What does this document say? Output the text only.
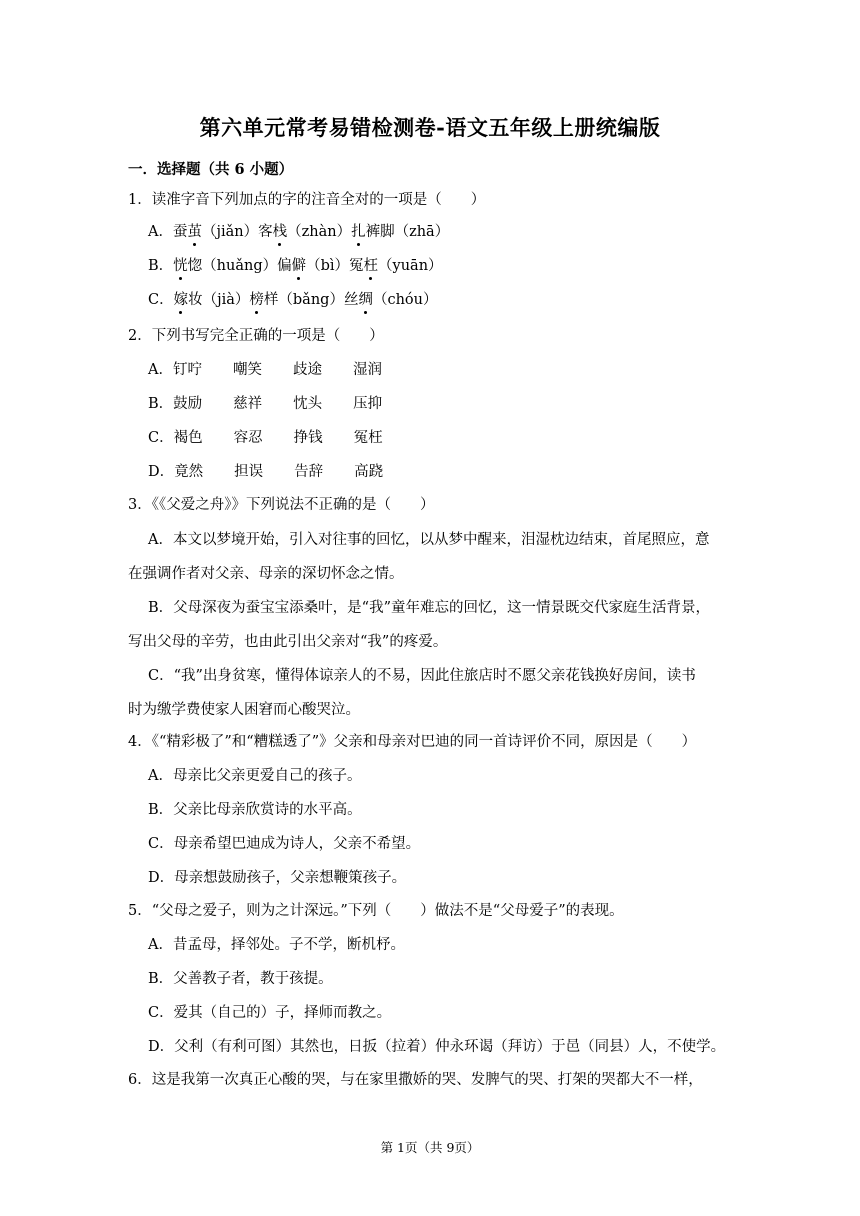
第六单元常考易错检测卷-语文五年级上册统编版
一．选择题（共 6 小题）
1．读准字音下列加点的字的注音全对的一项是（　　）
A．蚕茧（jiǎn）客栈（zhàn）扎裤脚（zhā）
B．恍惚（huǎng）偏僻（bì）冤枉（yuān）
C．嫁妆（jià）榜样（bǎng）丝绸（chóu）
2．下列书写完全正确的一项是（　　）
A．钉咛 嘲笑 歧途 湿润
B．鼓励 慈祥 忱头 压抑
C．褐色 容忍 挣钱 冤枉
D．竟然 担误 告辞 高跷
3．《《父爱之舟》》下列说法不正确的是（　　）
A．本文以梦境开始，引入对往事的回忆，以从梦中醒来，泪湿枕边结束，首尾照应，意
在强调作者对父亲、母亲的深切怀念之情。
B．父母深夜为蚕宝宝添桑叶，是“我”童年难忘的回忆，这一情景既交代家庭生活背景，
写出父母的辛劳，也由此引出父亲对“我”的疼爱。
C．“我”出身贫寒，懂得体谅亲人的不易，因此住旅店时不愿父亲花钱换好房间，读书
时为缴学费使家人困窘而心酸哭泣。
4．《“精彩极了”和“糟糕透了”》父亲和母亲对巴迪的同一首诗评价不同，原因是（　　）
A．母亲比父亲更爱自己的孩子。
B．父亲比母亲欣赏诗的水平高。
C．母亲希望巴迪成为诗人，父亲不希望。
D．母亲想鼓励孩子，父亲想鞭策孩子。
5．“父母之爱子，则为之计深远。”下列（　　）做法不是“父母爱子”的表现。
A．昔孟母，择邻处。子不学，断机杼。
B．父善教子者，教于孩提。
C．爱其（自己的）子，择师而教之。
D．父利（有利可图）其然也，日扳（拉着）仲永环谒（拜访）于邑（同县）人，不使学。
6．这是我第一次真正心酸的哭，与在家里撒娇的哭、发脾气的哭、打架的哭都大不一样，
第 1页（共 9页）
